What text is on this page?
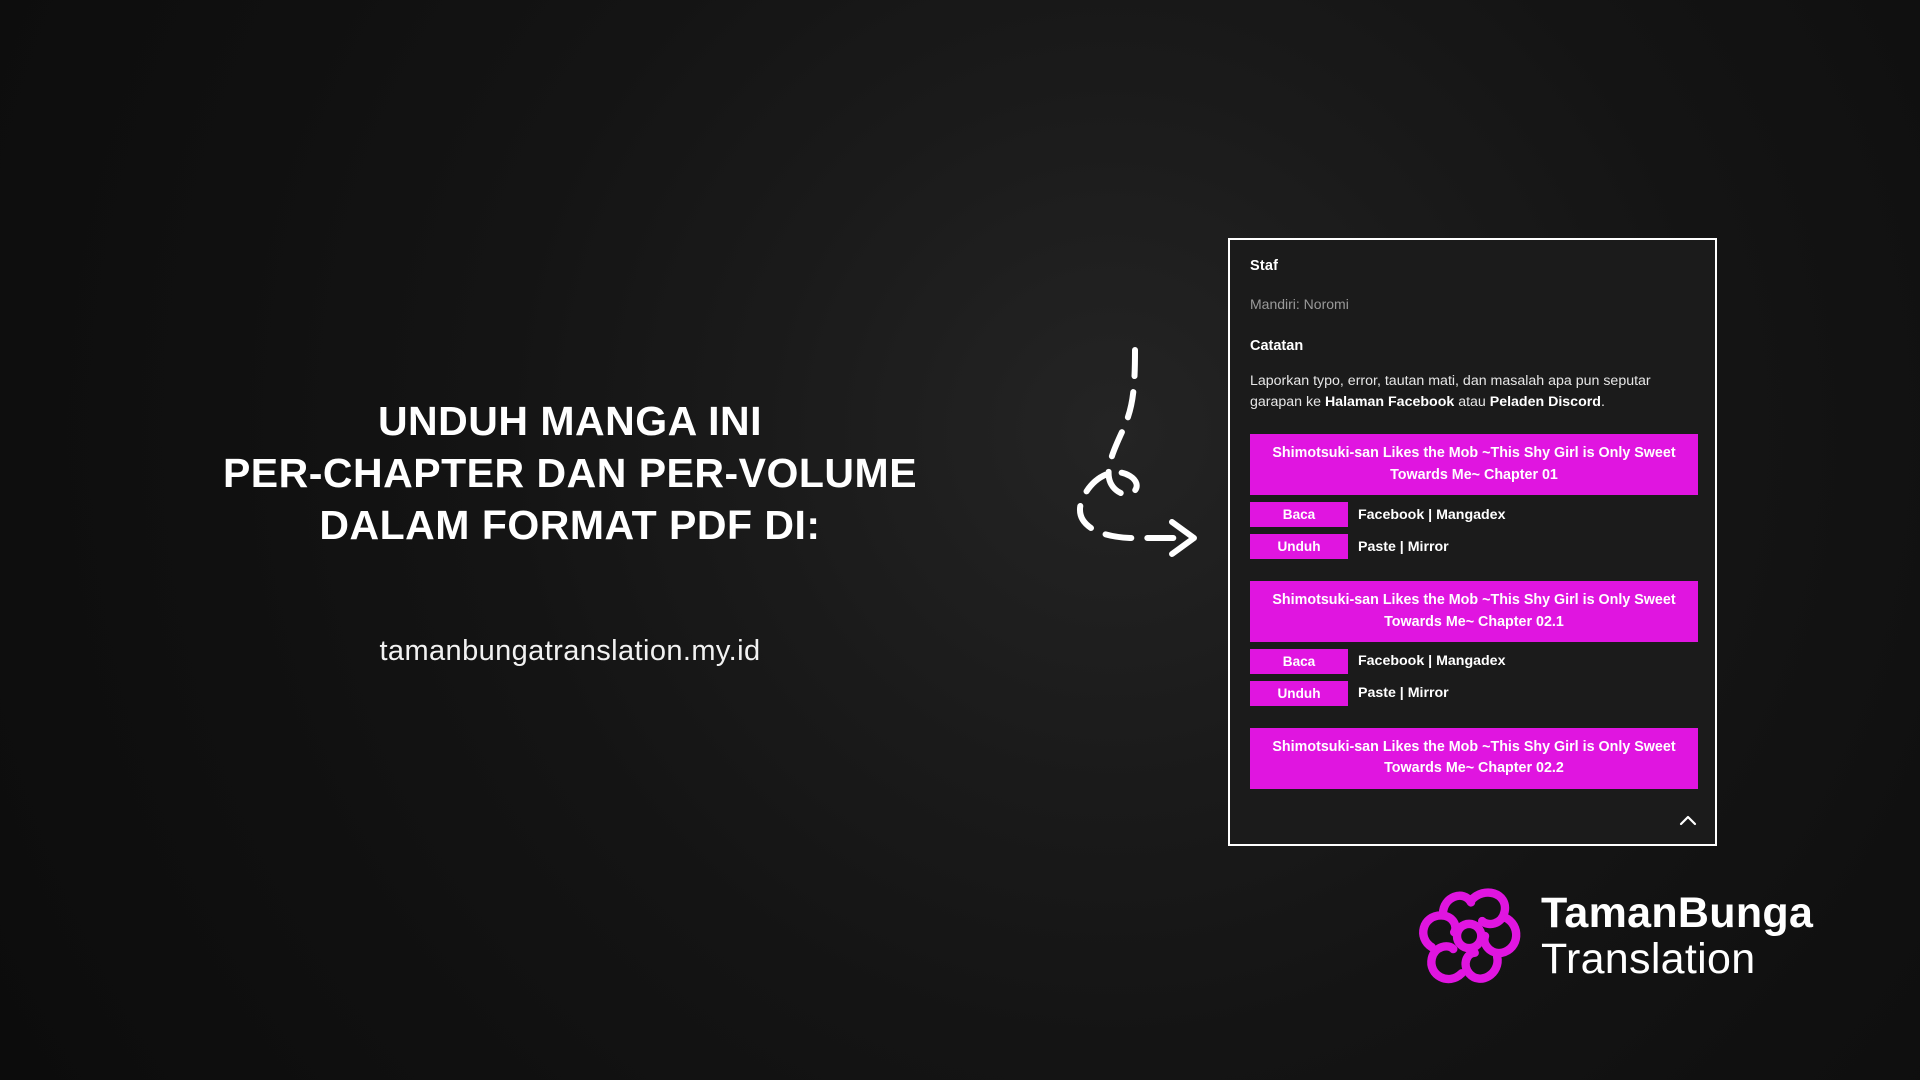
UNDUH MANGA INI
PER-CHAPTER DAN PER-VOLUME
DALAM FORMAT PDF DI:
tamanbungatranslation.my.id
Staf
Mandiri: Noromi
Catatan
Laporkan typo, error, tautan mati, dan masalah apa pun seputar garapan ke Halaman Facebook atau Peladen Discord.
Shimotsuki-san Likes the Mob ~This Shy Girl is Only Sweet Towards Me~ Chapter 01
Baca	Facebook | Mangadex
Unduh	Paste | Mirror
Shimotsuki-san Likes the Mob ~This Shy Girl is Only Sweet Towards Me~ Chapter 02.1
Baca	Facebook | Mangadex
Unduh	Paste | Mirror
Shimotsuki-san Likes the Mob ~This Shy Girl is Only Sweet Towards Me~ Chapter 02.2
TamanBunga
Translation
